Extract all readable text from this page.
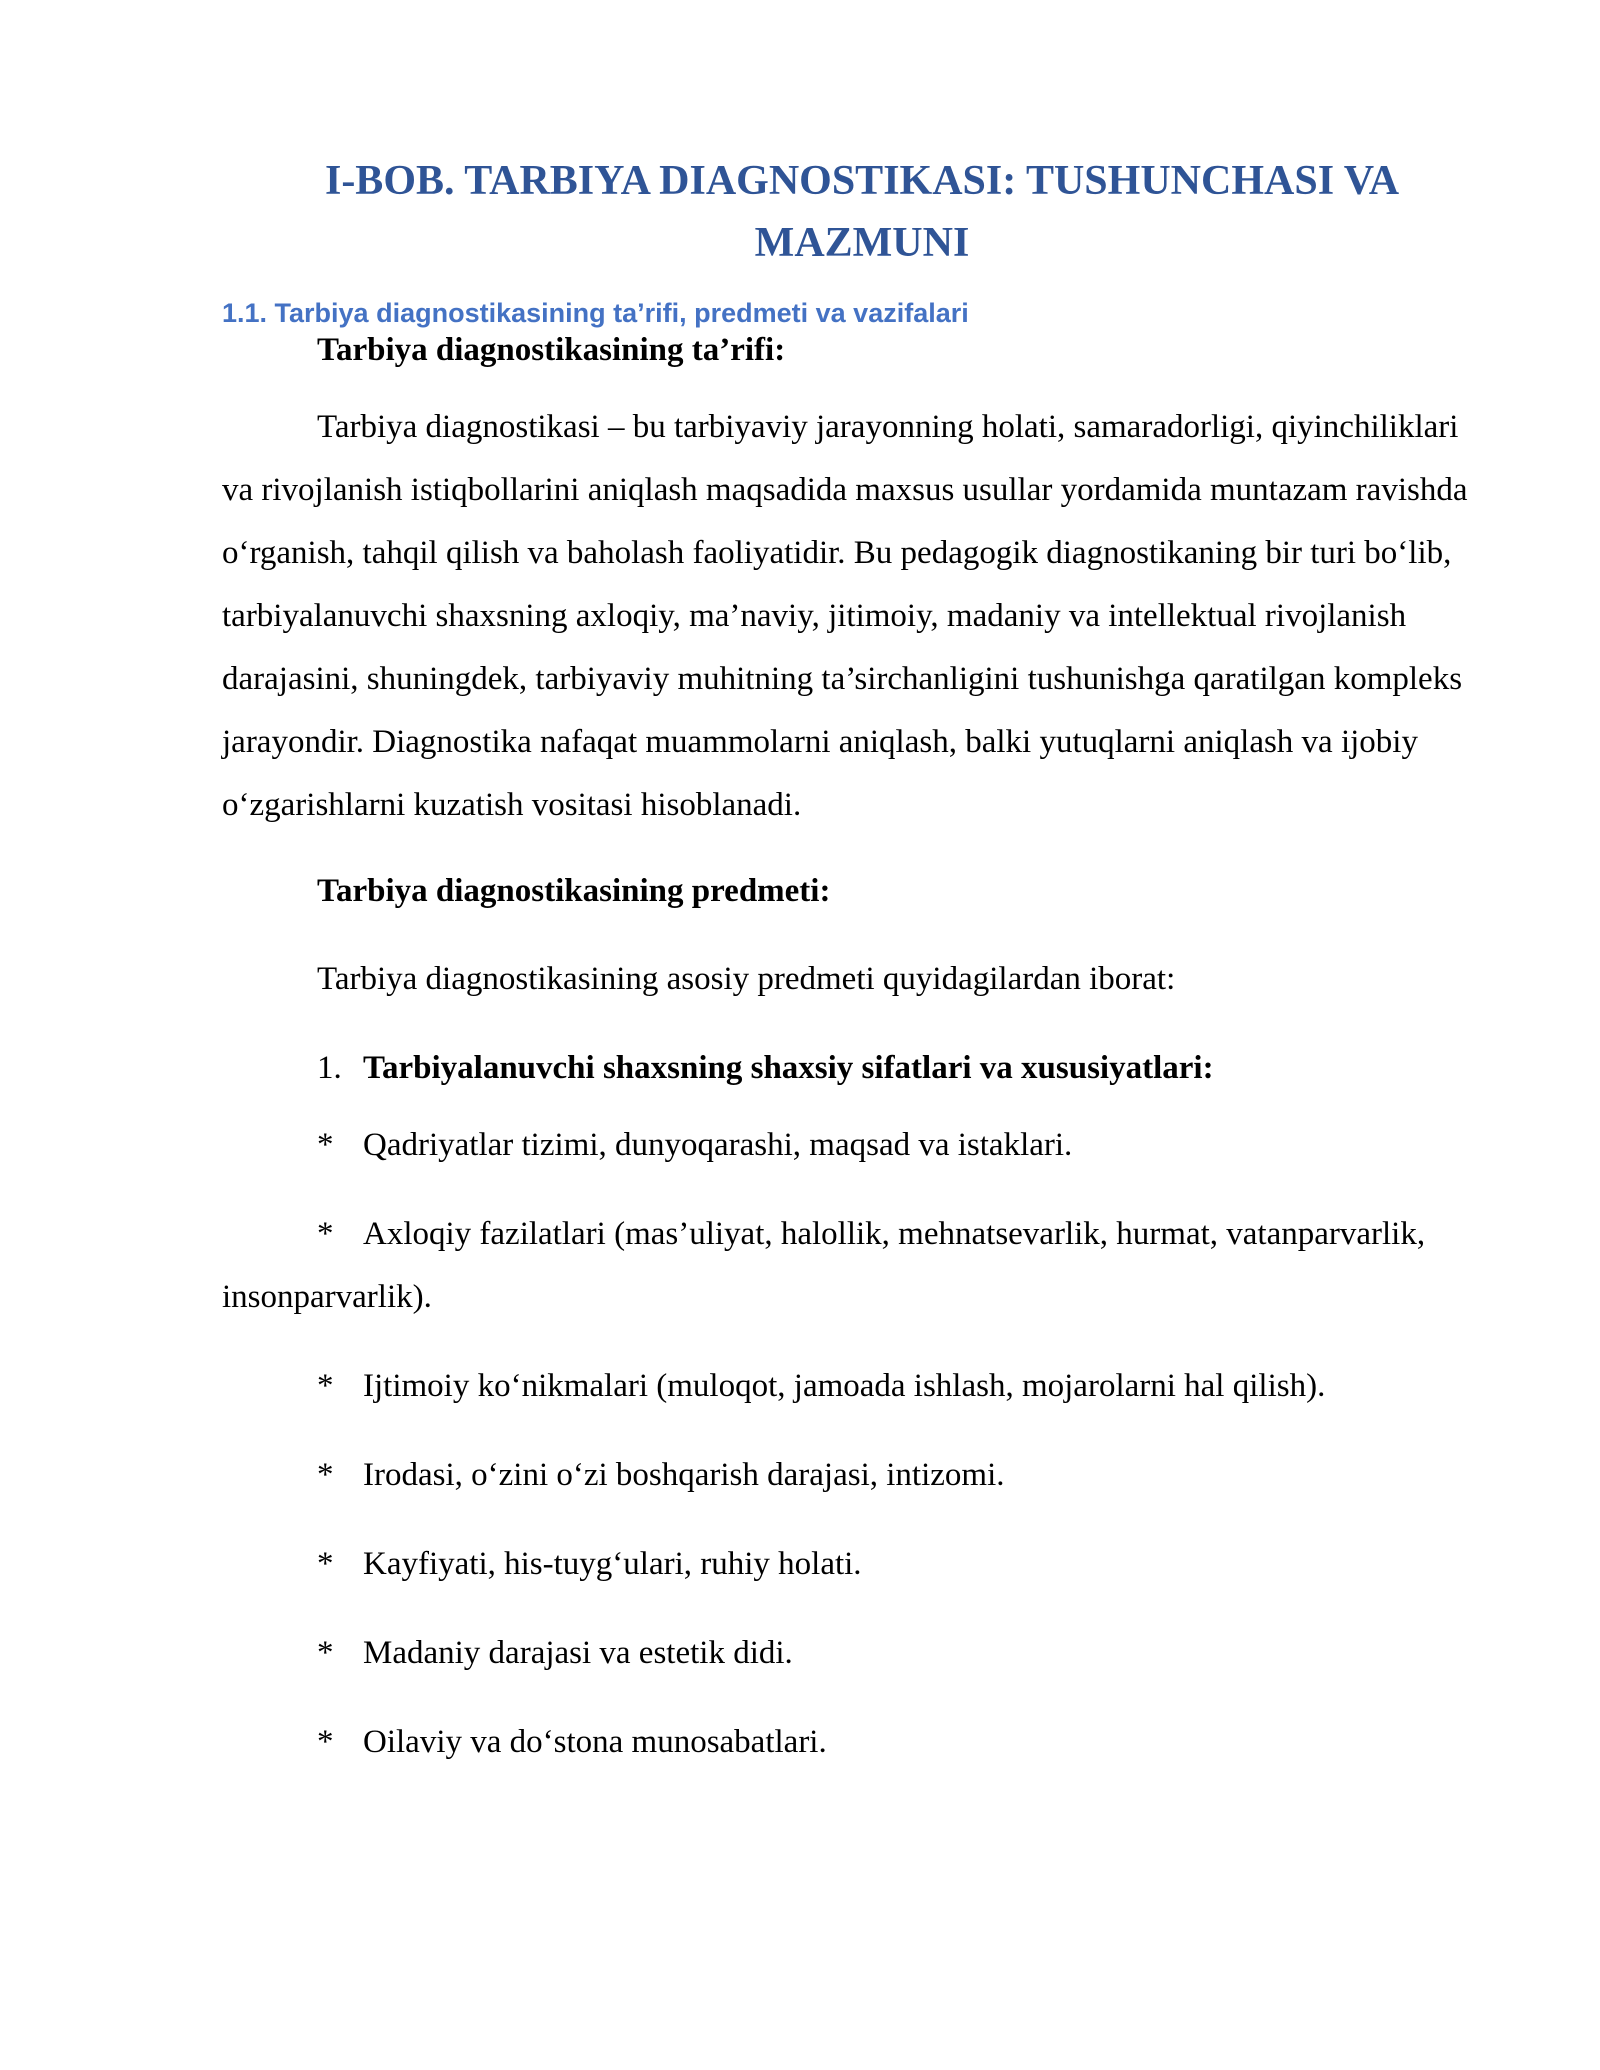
I-BOB. TARBIYA DIAGNOSTIKASI: TUSHUNCHASI VA MAZMUNI
1.1. Tarbiya diagnostikasining ta’rifi, predmeti va vazifalari

Tarbiya diagnostikasining ta’rifi:

Tarbiya diagnostikasi – bu tarbiyaviy jarayonning holati, samaradorligi, qiyinchiliklari va rivojlanish istiqbollarini aniqlash maqsadida maxsus usullar yordamida muntazam ravishda o‘rganish, tahqil qilish va baholash faoliyatidir. Bu pedagogik diagnostikaning bir turi bo‘lib, tarbiyalanuvchi shaxsning axloqiy, ma’naviy, jitimoiy, madaniy va intellektual rivojlanish darajasini, shuningdek, tarbiyaviy muhitning ta’sirchanligini tushunishga qaratilgan kompleks jarayondir. Diagnostika nafaqat muammolarni aniqlash, balki yutuqlarni aniqlash va ijobiy o‘zgarishlarni kuzatish vositasi hisoblanadi.

Tarbiya diagnostikasining predmeti:

Tarbiya diagnostikasining asosiy predmeti quyidagilardan iborat:

1. Tarbiyalanuvchi shaxsning shaxsiy sifatlari va xususiyatlari:

* Qadriyatlar tizimi, dunyoqarashi, maqsad va istaklari.

* Axloqiy fazilatlari (mas’uliyat, halollik, mehnatsevarlik, hurmat, vatanparvarlik, insonparvarlik).

* Ijtimoiy ko‘nikmalari (muloqot, jamoada ishlash, mojarolarni hal qilish).

* Irodasi, o‘zini o‘zi boshqarish darajasi, intizomi.

* Kayfiyati, his-tuyg‘ulari, ruhiy holati.

* Madaniy darajasi va estetik didi.

* Oilaviy va do‘stona munosabatlari.
